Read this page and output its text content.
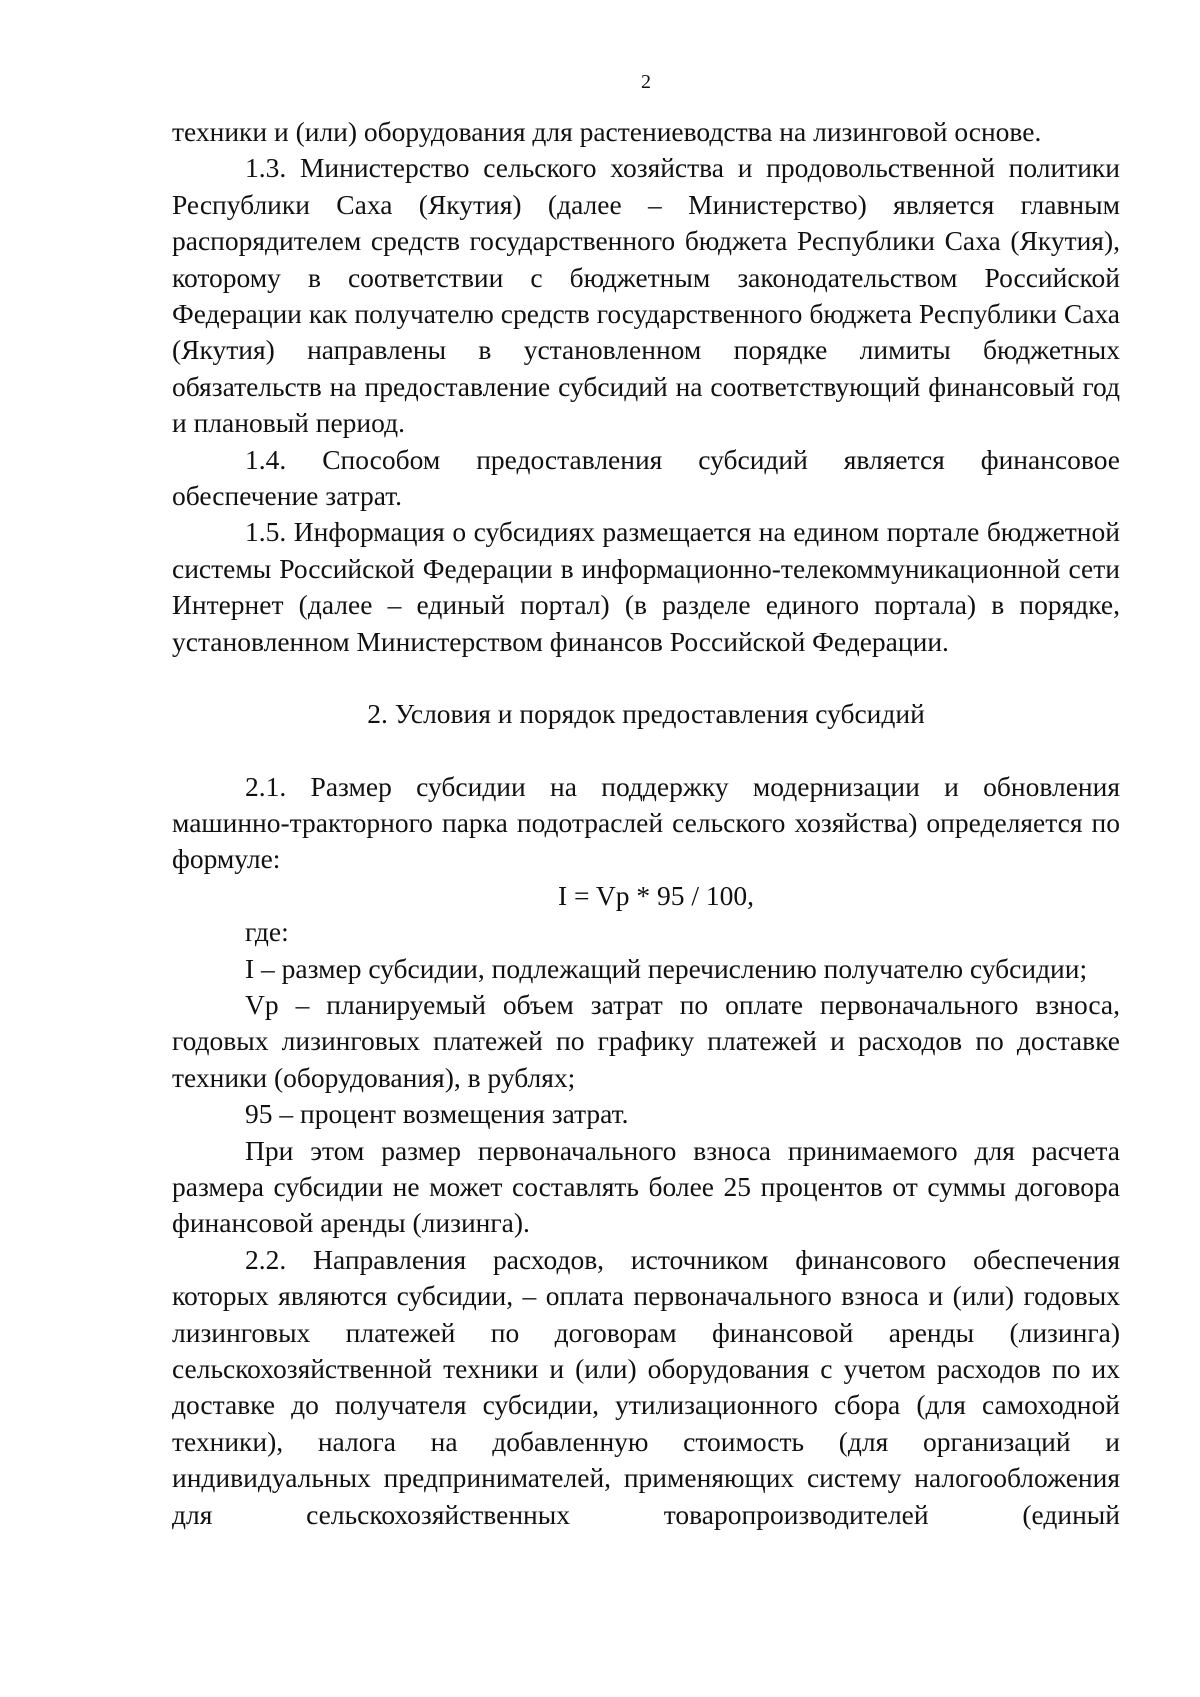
2

техники и (или) оборудования для растениеводства на лизинговой основе.

1.3. Министерство сельского хозяйства и продовольственной политики Республики Саха (Якутия) (далее – Министерство) является главным распорядителем средств государственного бюджета Республики Саха (Якутия), которому в соответствии с бюджетным законодательством Российской Федерации как получателю средств государственного бюджета Республики Саха (Якутия) направлены в установленном порядке лимиты бюджетных обязательств на предоставление субсидий на соответствующий финансовый год и плановый период.

1.4. Способом предоставления субсидий является финансовое обеспечение затрат.

1.5. Информация о субсидиях размещается на едином портале бюджетной системы Российской Федерации в информационно-телекоммуникационной сети Интернет (далее – единый портал) (в разделе единого портала) в порядке, установленном Министерством финансов Российской Федерации.

2. Условия и порядок предоставления субсидий

2.1. Размер субсидии на поддержку модернизации и обновления машинно-тракторного парка подотраслей сельского хозяйства) определяется по формуле:

I = Vp * 95 / 100,

где:

I – размер субсидии, подлежащий перечислению получателю субсидии;

Vp – планируемый объем затрат по оплате первоначального взноса, годовых лизинговых платежей по графику платежей и расходов по доставке техники (оборудования), в рублях;

95 – процент возмещения затрат.

При этом размер первоначального взноса принимаемого для расчета размера субсидии не может составлять более 25 процентов от суммы договора финансовой аренды (лизинга).

2.2. Направления расходов, источником финансового обеспечения которых являются субсидии, – оплата первоначального взноса и (или) годовых лизинговых платежей по договорам финансовой аренды (лизинга) сельскохозяйственной техники и (или) оборудования с учетом расходов по их доставке до получателя субсидии, утилизационного сбора (для самоходной техники), налога на добавленную стоимость (для организаций и индивидуальных предпринимателей, применяющих систему налогообложения для сельскохозяйственных товаропроизводителей (единый
